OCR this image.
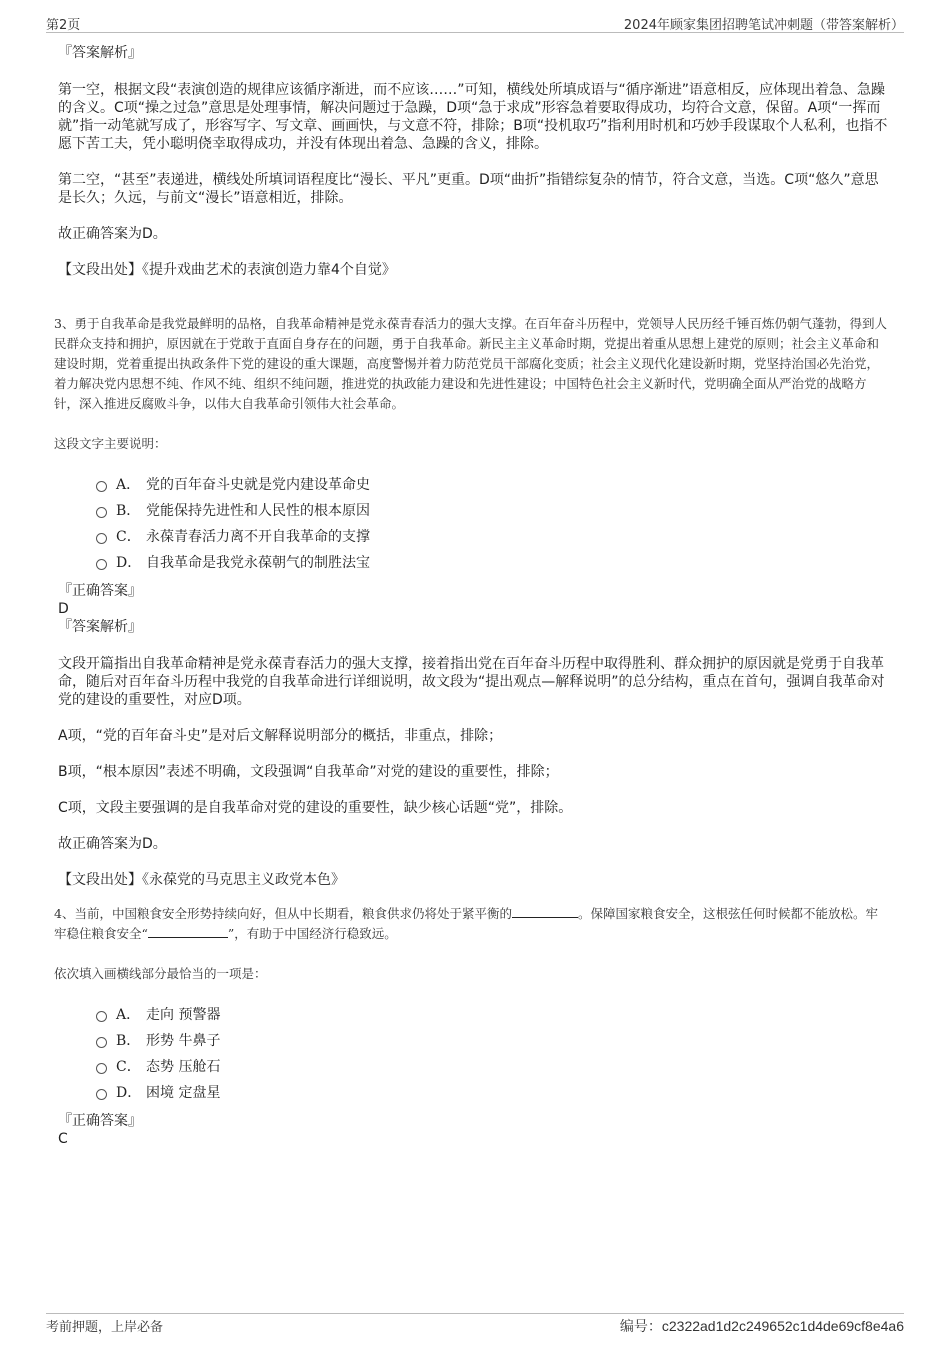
第2页	2024年顾家集团招聘笔试冲刺题（带答案解析）

『答案解析』

第一空，根据文段“表演创造的规律应该循序渐进，而不应该……”可知，横线处所填成语与“循序渐进”语意相反，应体现出着急、急躁的含义。C项“操之过急”意思是处理事情，解决问题过于急躁，D项“急于求成”形容急着要取得成功，均符合文意，保留。A项“一挥而就”指一动笔就写成了，形容写字、写文章、画画快，与文意不符，排除；B项“投机取巧”指利用时机和巧妙手段谋取个人私利，也指不愿下苦工夫，凭小聪明侥幸取得成功，并没有体现出着急、急躁的含义，排除。

第二空，“甚至”表递进，横线处所填词语程度比“漫长、平凡”更重。D项“曲折”指错综复杂的情节，符合文意，当选。C项“悠久”意思是长久；久远，与前文“漫长”语意相近，排除。

故正确答案为D。

【文段出处】《提升戏曲艺术的表演创造力靠4个自觉》

3、勇于自我革命是我党最鲜明的品格，自我革命精神是党永葆青春活力的强大支撑。在百年奋斗历程中，党领导人民历经千锤百炼仍朝气蓬勃，得到人民群众支持和拥护，原因就在于党敢于直面自身存在的问题，勇于自我革命。新民主主义革命时期，党提出着重从思想上建党的原则；社会主义革命和建设时期，党着重提出执政条件下党的建设的重大课题，高度警惕并着力防范党员干部腐化变质；社会主义现代化建设新时期，党坚持治国必先治党，着力解决党内思想不纯、作风不纯、组织不纯问题，推进党的执政能力建设和先进性建设；中国特色社会主义新时代，党明确全面从严治党的战略方针，深入推进反腐败斗争，以伟大自我革命引领伟大社会革命。

这段文字主要说明：

A． 党的百年奋斗史就是党内建设革命史
B． 党能保持先进性和人民性的根本原因
C． 永葆青春活力离不开自我革命的支撑
D． 自我革命是我党永葆朝气的制胜法宝

『正确答案』

D

『答案解析』

文段开篇指出自我革命精神是党永葆青春活力的强大支撑，接着指出党在百年奋斗历程中取得胜利、群众拥护的原因就是党勇于自我革命，随后对百年奋斗历程中我党的自我革命进行详细说明，故文段为“提出观点—解释说明”的总分结构，重点在首句，强调自我革命对党的建设的重要性，对应D项。

A项，“党的百年奋斗史”是对后文解释说明部分的概括，非重点，排除；

B项，“根本原因”表述不明确，文段强调“自我革命”对党的建设的重要性，排除；

C项，文段主要强调的是自我革命对党的建设的重要性，缺少核心话题“党”，排除。

故正确答案为D。

【文段出处】《永葆党的马克思主义政党本色》

4、当前，中国粮食安全形势持续向好，但从中长期看，粮食供求仍将处于紧平衡的	。保障国家粮食安全，这根弦任何时候都不能放松。牢牢稳住粮食安全“	”，有助于中国经济行稳致远。

依次填入画横线部分最恰当的一项是：

A． 走向 预警器
B． 形势 牛鼻子
C． 态势 压舱石
D． 困境 定盘星

『正确答案』

C

考前押题，上岸必备	编号：c2322ad1d2c249652c1d4de69cf8e4a6
